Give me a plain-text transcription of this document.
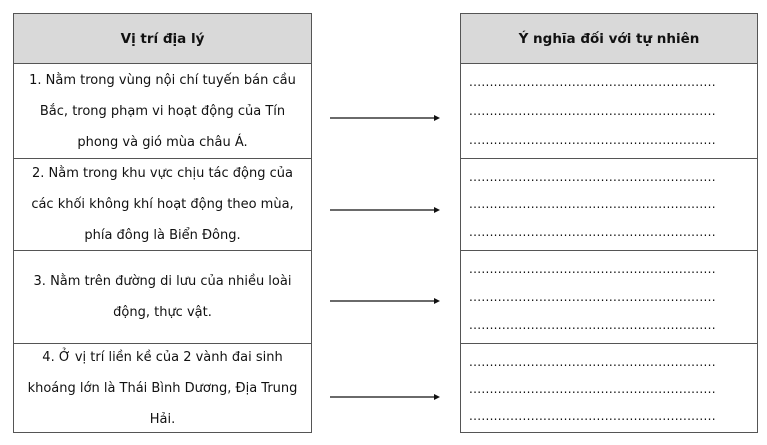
Vị trí địa lý
1. Nằm trong vùng nội chí tuyến bán cầu Bắc, trong phạm vi hoạt động của Tín phong và gió mùa châu Á.
2. Nằm trong khu vực chịu tác động của các khối không khí hoạt động theo mùa, phía đông là Biển Đông.
3. Nằm trên đường di lưu của nhiều loài động, thực vật.
4. Ở vị trí liền kề của 2 vành đai sinh khoáng lớn là Thái Bình Dương, Địa Trung Hải.
Ý nghĩa đối với tự nhiên
............................................................
............................................................
............................................................
............................................................
............................................................
............................................................
............................................................
............................................................
............................................................
............................................................
............................................................
............................................................
